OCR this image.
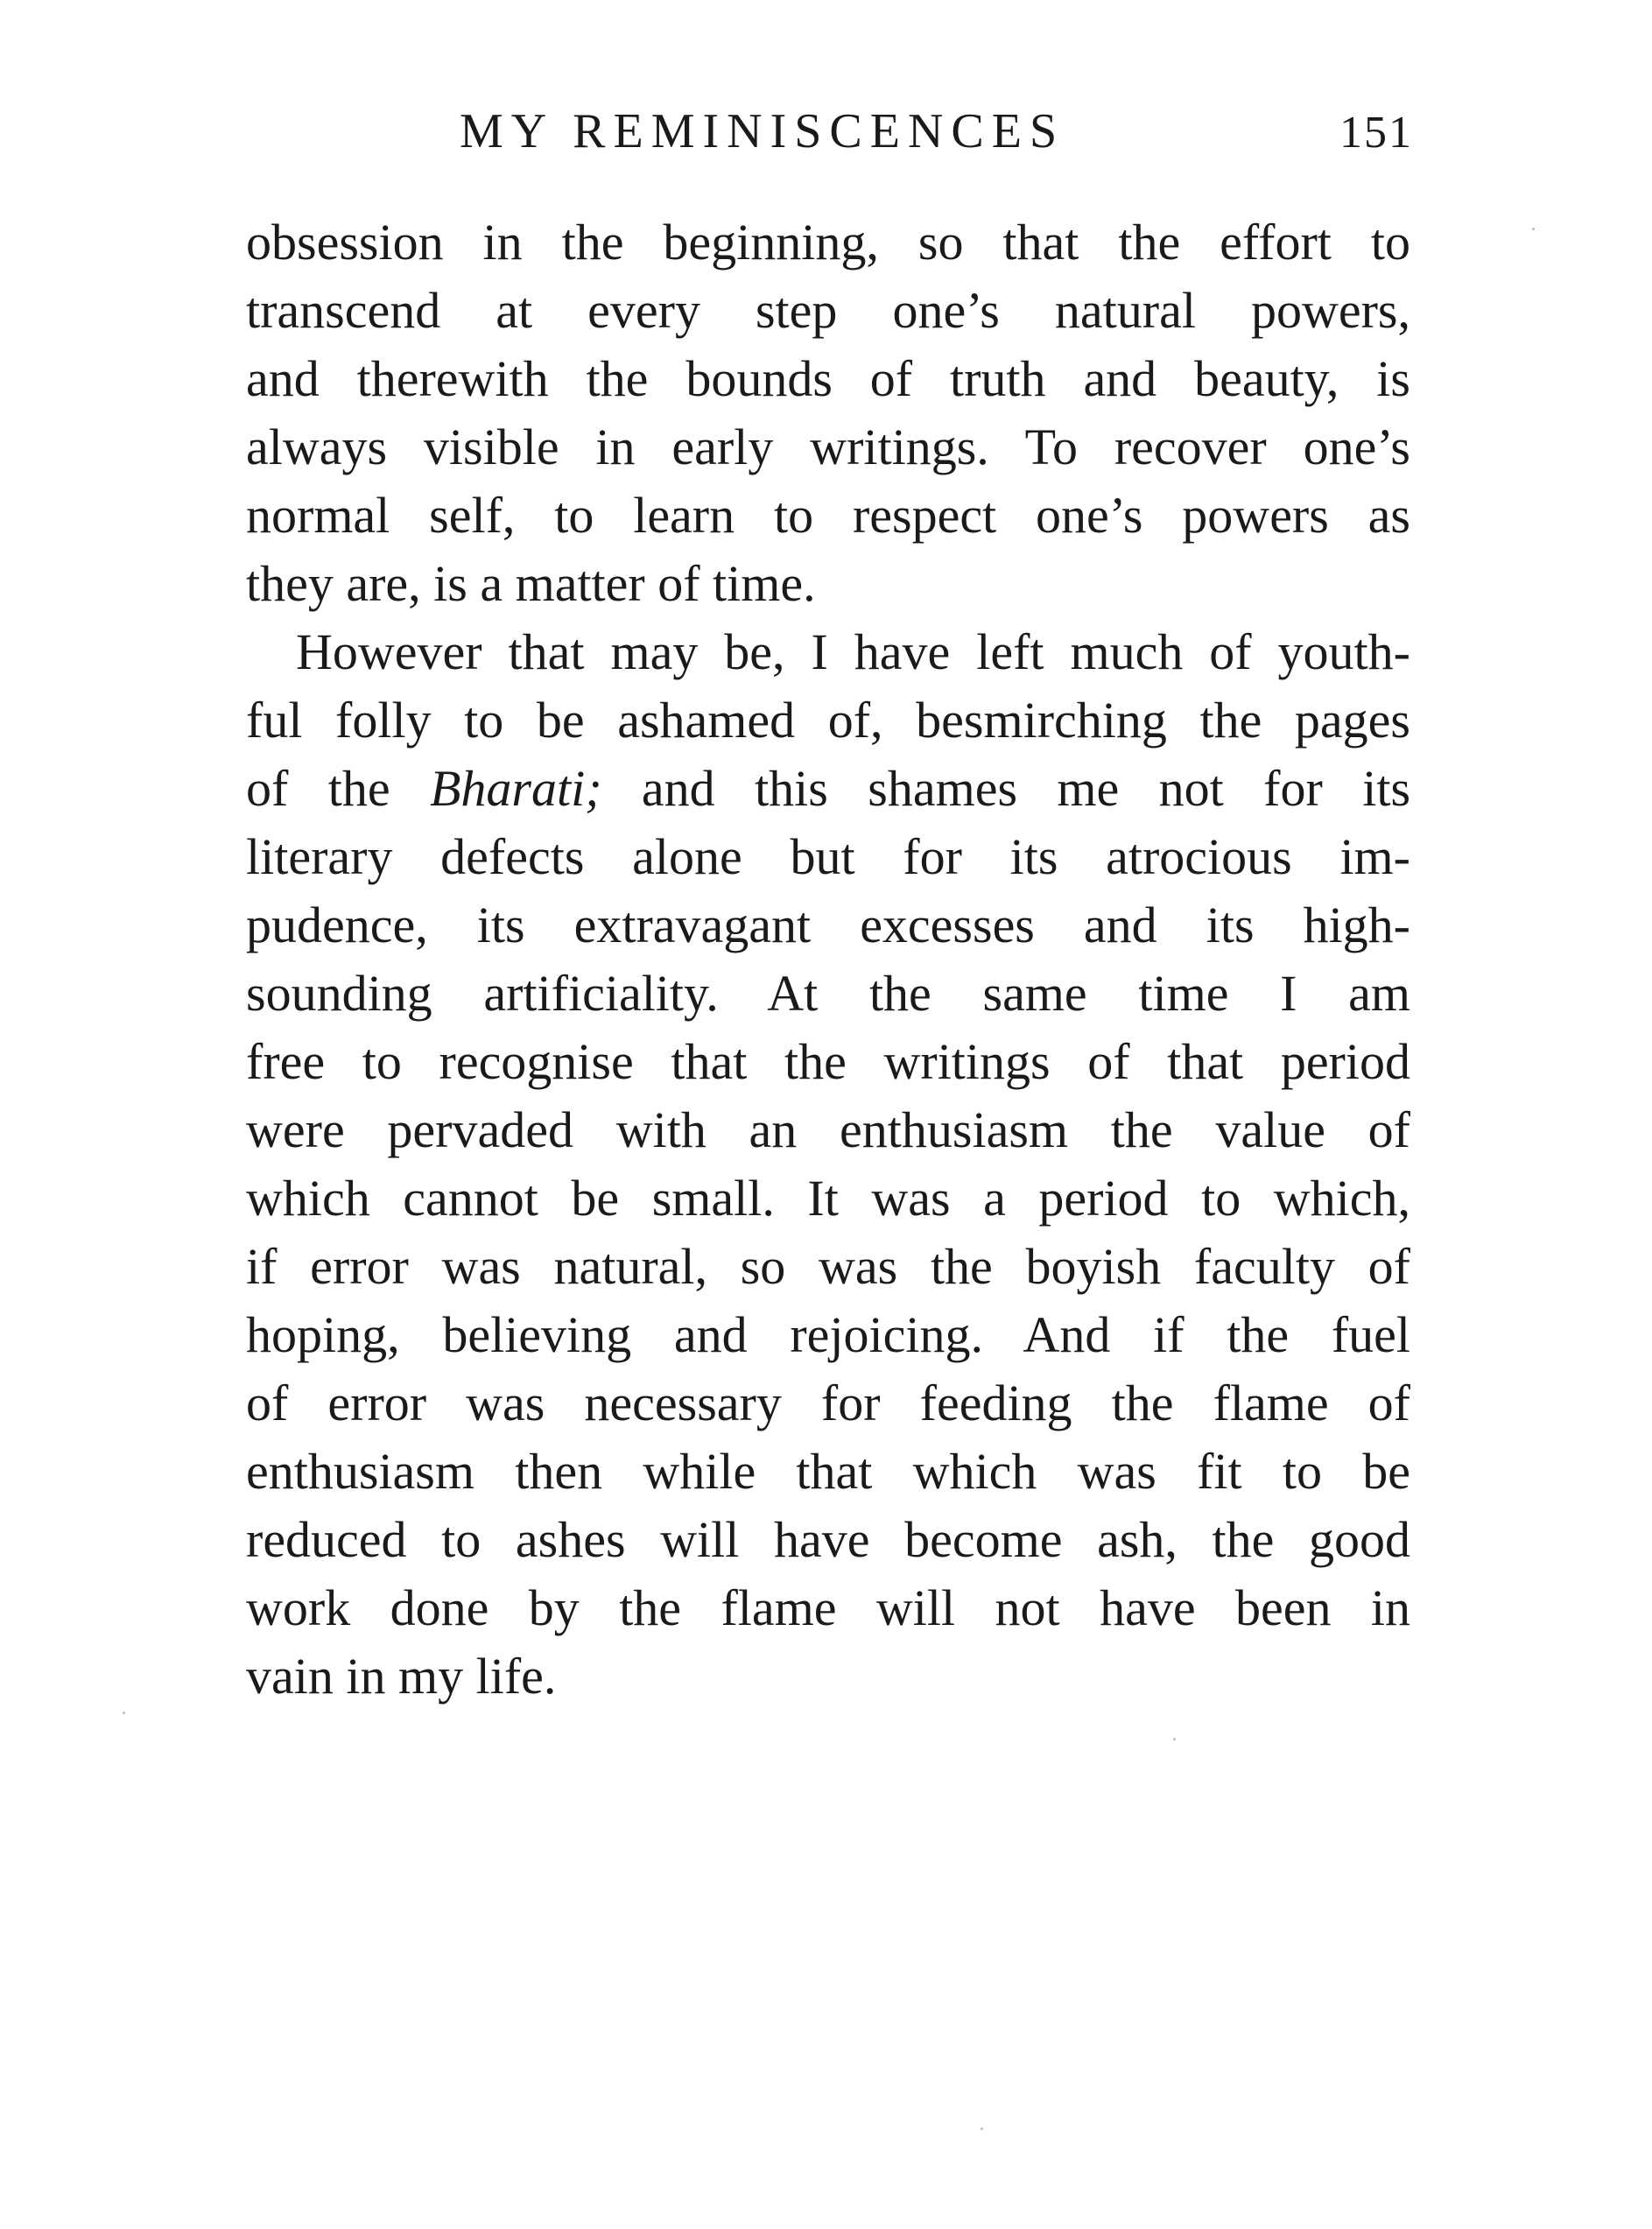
MY REMINISCENCES	151
obsession in the beginning, so that the effort to
transcend at every step one’s natural powers,
and therewith the bounds of truth and beauty, is
always visible in early writings. To recover one’s
normal self, to learn to respect one’s powers as
they are, is a matter of time.
However that may be, I have left much of youth-
ful folly to be ashamed of, besmirching the pages
of the Bharati; and this shames me not for its
literary defects alone but for its atrocious im-
pudence, its extravagant excesses and its high-
sounding artificiality. At the same time I am
free to recognise that the writings of that period
were pervaded with an enthusiasm the value of
which cannot be small. It was a period to which,
if error was natural, so was the boyish faculty of
hoping, believing and rejoicing. And if the fuel
of error was necessary for feeding the flame of
enthusiasm then while that which was fit to be
reduced to ashes will have become ash, the good
work done by the flame will not have been in
vain in my life.
